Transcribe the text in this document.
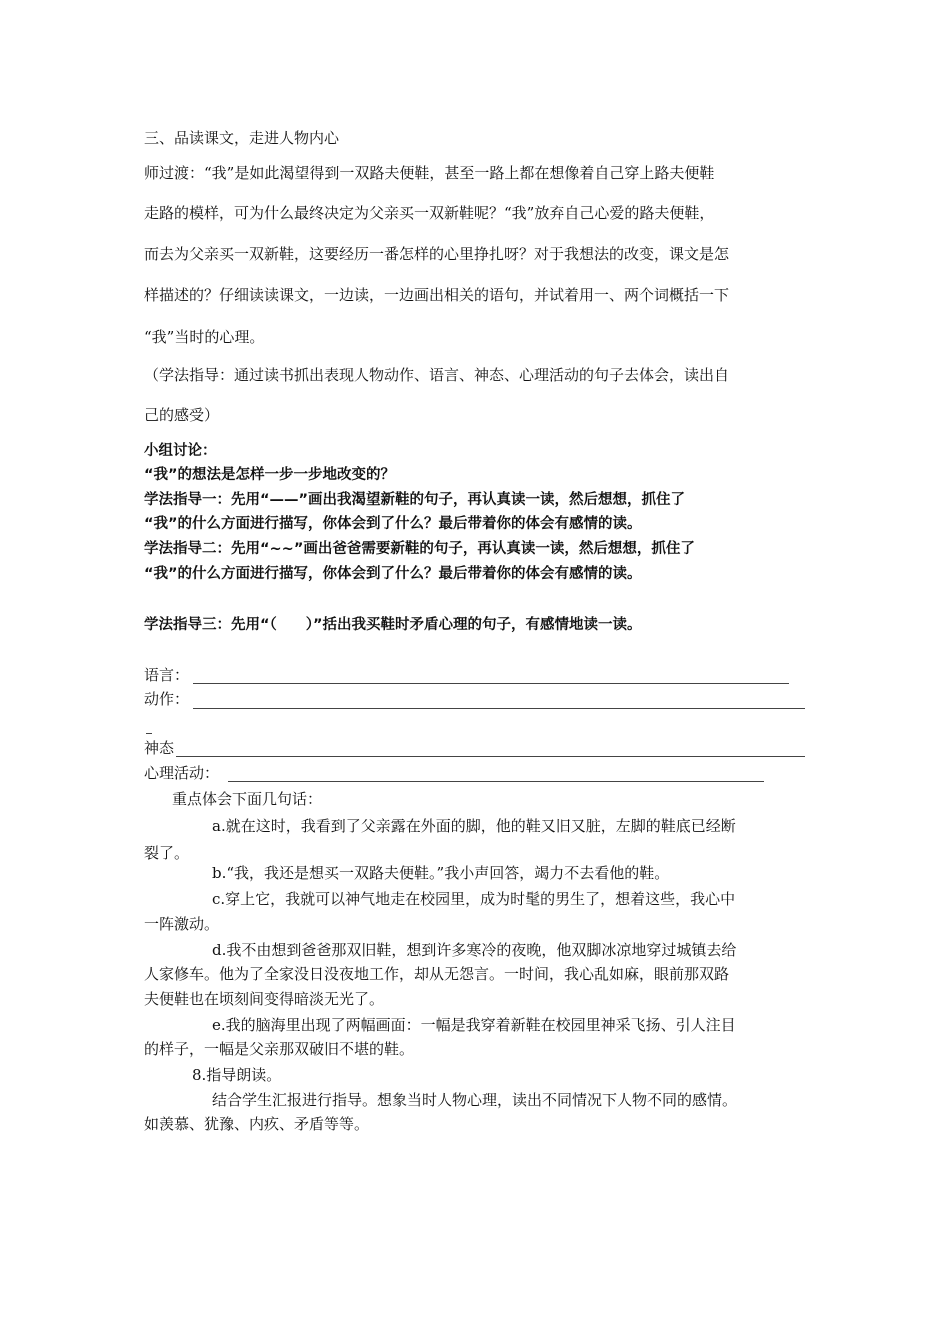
三、品读课文，走进人物内心
师过渡：“我”是如此渴望得到一双路夫便鞋，甚至一路上都在想像着自己穿上路夫便鞋
走路的模样，可为什么最终决定为父亲买一双新鞋呢？“我”放弃自己心爱的路夫便鞋，
而去为父亲买一双新鞋，这要经历一番怎样的心里挣扎呀？对于我想法的改变，课文是怎
样描述的？仔细读读课文，一边读，一边画出相关的语句，并试着用一、两个词概括一下
“我”当时的心理。
（学法指导：通过读书抓出表现人物动作、语言、神态、心理活动的句子去体会，读出自
己的感受）
小组讨论：
“我”的想法是怎样一步一步地改变的？
学法指导一：先用“——”画出我渴望新鞋的句子，再认真读一读，然后想想，抓住了
“我”的什么方面进行描写，你体会到了什么？最后带着你的体会有感情的读。
学法指导二：先用“~~”画出爸爸需要新鞋的句子，再认真读一读，然后想想，抓住了
“我”的什么方面进行描写，你体会到了什么？最后带着你的体会有感情的读。
学法指导三：先用“（　　）”括出我买鞋时矛盾心理的句子，有感情地读一读。
语言：
动作：
神态
心理活动：
重点体会下面几句话：
a.就在这时，我看到了父亲露在外面的脚，他的鞋又旧又脏，左脚的鞋底已经断
裂了。
b.“我，我还是想买一双路夫便鞋。”我小声回答，竭力不去看他的鞋。
c.穿上它，我就可以神气地走在校园里，成为时髦的男生了，想着这些，我心中
一阵激动。
d.我不由想到爸爸那双旧鞋，想到许多寒冷的夜晚，他双脚冰凉地穿过城镇去给
人家修车。他为了全家没日没夜地工作，却从无怨言。一时间，我心乱如麻，眼前那双路
夫便鞋也在顷刻间变得暗淡无光了。
e.我的脑海里出现了两幅画面：一幅是我穿着新鞋在校园里神采飞扬、引人注目
的样子，一幅是父亲那双破旧不堪的鞋。
8.指导朗读。
结合学生汇报进行指导。想象当时人物心理，读出不同情况下人物不同的感情。
如羡慕、犹豫、内疚、矛盾等等。
